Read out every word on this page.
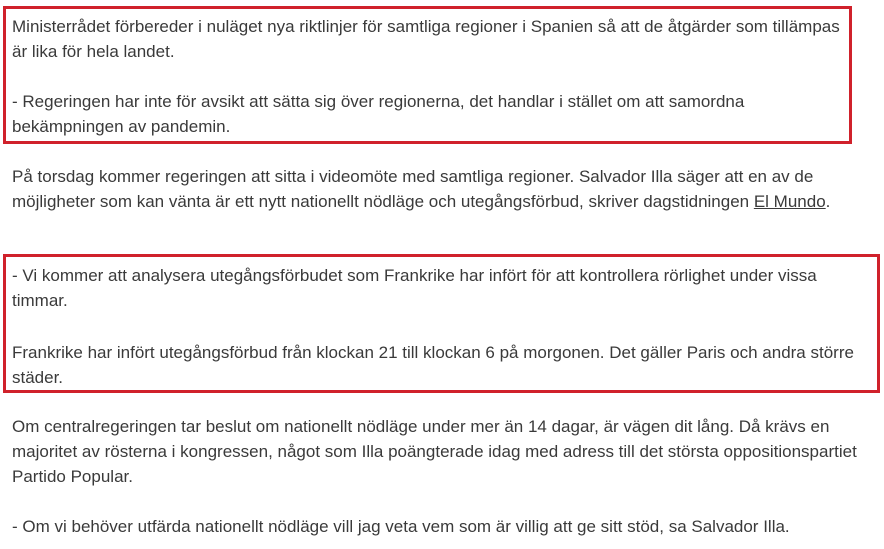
Ministerrådet förbereder i nuläget nya riktlinjer för samtliga regioner i Spanien så att de åtgärder som tillämpas är lika för hela landet.

- Regeringen har inte för avsikt att sätta sig över regionerna, det handlar i stället om att samordna bekämpningen av pandemin.

På torsdag kommer regeringen att sitta i videomöte med samtliga regioner. Salvador Illa säger att en av de möjligheter som kan vänta är ett nytt nationellt nödläge och utegångsförbud, skriver dagstidningen El Mundo.

- Vi kommer att analysera utegångsförbudet som Frankrike har infört för att kontrollera rörlighet under vissa timmar.

Frankrike har infört utegångsförbud från klockan 21 till klockan 6 på morgonen. Det gäller Paris och andra större städer.

Om centralregeringen tar beslut om nationellt nödläge under mer än 14 dagar, är vägen dit lång. Då krävs en majoritet av rösterna i kongressen, något som Illa poängterade idag med adress till det största oppositionspartiet Partido Popular.

- Om vi behöver utfärda nationellt nödläge vill jag veta vem som är villig att ge sitt stöd, sa Salvador Illa.
